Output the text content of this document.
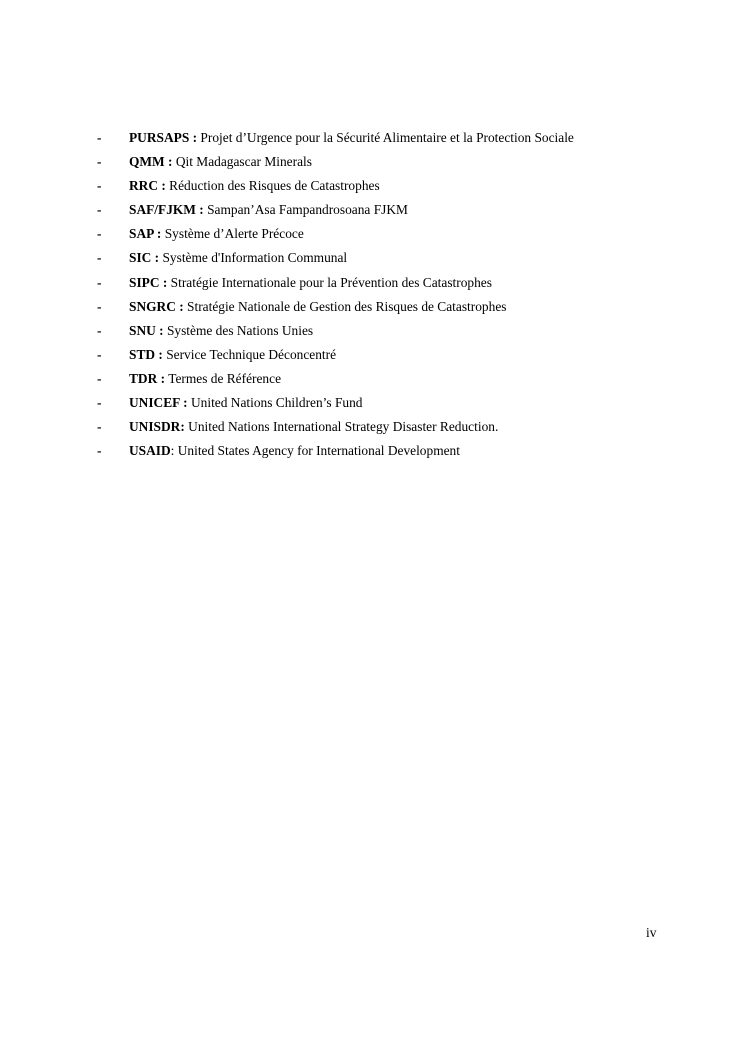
- PURSAPS : Projet d’Urgence pour la Sécurité Alimentaire et la Protection Sociale
- QMM : Qit Madagascar Minerals
- RRC : Réduction des Risques de Catastrophes
- SAF/FJKM : Sampan’Asa Fampandrosoana FJKM
- SAP : Système d’Alerte Précoce
- SIC : Système d'Information Communal
- SIPC : Stratégie Internationale pour la Prévention des Catastrophes
- SNGRC : Stratégie Nationale de Gestion des Risques de Catastrophes
- SNU : Système des Nations Unies
- STD : Service Technique Déconcentré
- TDR : Termes de Référence
- UNICEF : United Nations Children’s Fund
- UNISDR: United Nations International Strategy Disaster Reduction.
- USAID: United States Agency for International Development
iv
